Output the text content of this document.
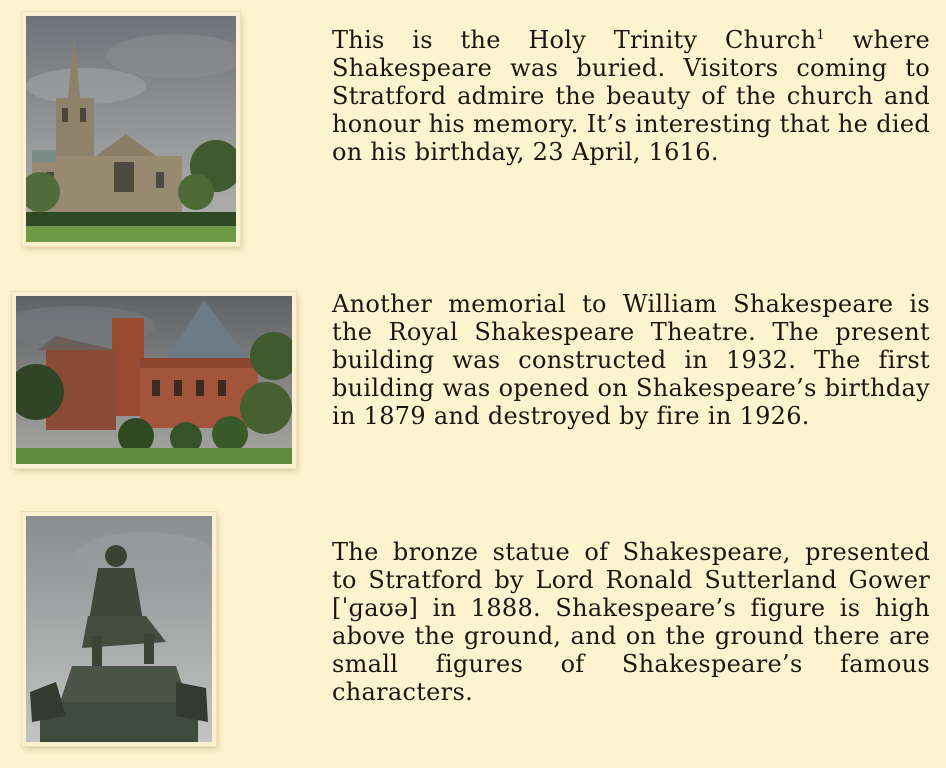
This is the Holy Trinity Church$^1$ where Shakespeare was buried. Visitors coming to Stratford admire the beauty of the church and honour his memory. It’s interesting that he died on his birthday, 23 April, 1616.

Another memorial to William Shakespeare is the Royal Shakespeare Theatre. The present building was constructed in 1932. The first building was opened on Shakespeare’s birthday in 1879 and destroyed by fire in 1926.

The bronze statue of Shakespeare, presented to Stratford by Lord Ronald Sutterland Gower [ˈɡaʊə] in 1888. Shakespeare’s figure is high above the ground, and on the ground there are small figures of Shakespeare’s famous characters.
